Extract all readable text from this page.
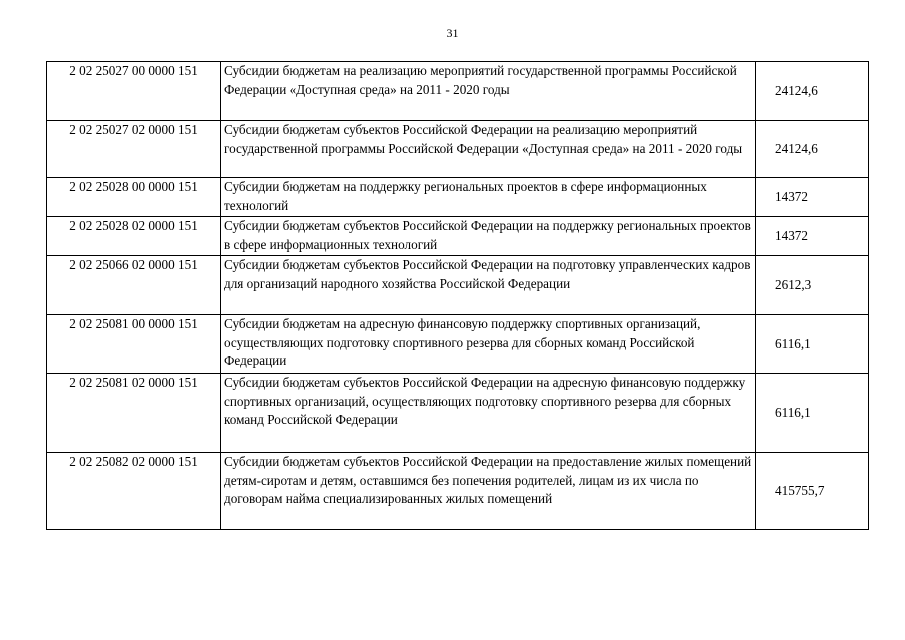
31
2 02 25027 00 0000 151	Субсидии бюджетам на реализацию мероприятий государственной программы Российской Федерации «Доступная среда» на 2011 - 2020 годы	24124,6
2 02 25027 02 0000 151	Субсидии бюджетам субъектов Российской Федерации на реализацию мероприятий государственной программы Российской Федерации «Доступная среда» на 2011 - 2020 годы	24124,6
2 02 25028 00 0000 151	Субсидии бюджетам на поддержку региональных проектов в сфере информационных технологий	14372
2 02 25028 02 0000 151	Субсидии бюджетам субъектов Российской Федерации на поддержку региональных проектов в сфере информационных технологий	14372
2 02 25066 02 0000 151	Субсидии бюджетам субъектов Российской Федерации на подготовку управленческих кадров для организаций народного хозяйства Российской Федерации	2612,3
2 02 25081 00 0000 151	Субсидии бюджетам на адресную финансовую поддержку спортивных организаций, осуществляющих подготовку спортивного резерва для сборных команд Российской Федерации	6116,1
2 02 25081 02 0000 151	Субсидии бюджетам субъектов Российской Федерации на адресную финансовую поддержку спортивных организаций, осуществляющих подготовку спортивного резерва для сборных команд Российской Федерации	6116,1
2 02 25082 02 0000 151	Субсидии бюджетам субъектов Российской Федерации на предоставление жилых помещений детям-сиротам и детям, оставшимся без попечения родителей, лицам из их числа по договорам найма специализированных жилых помещений	415755,7
